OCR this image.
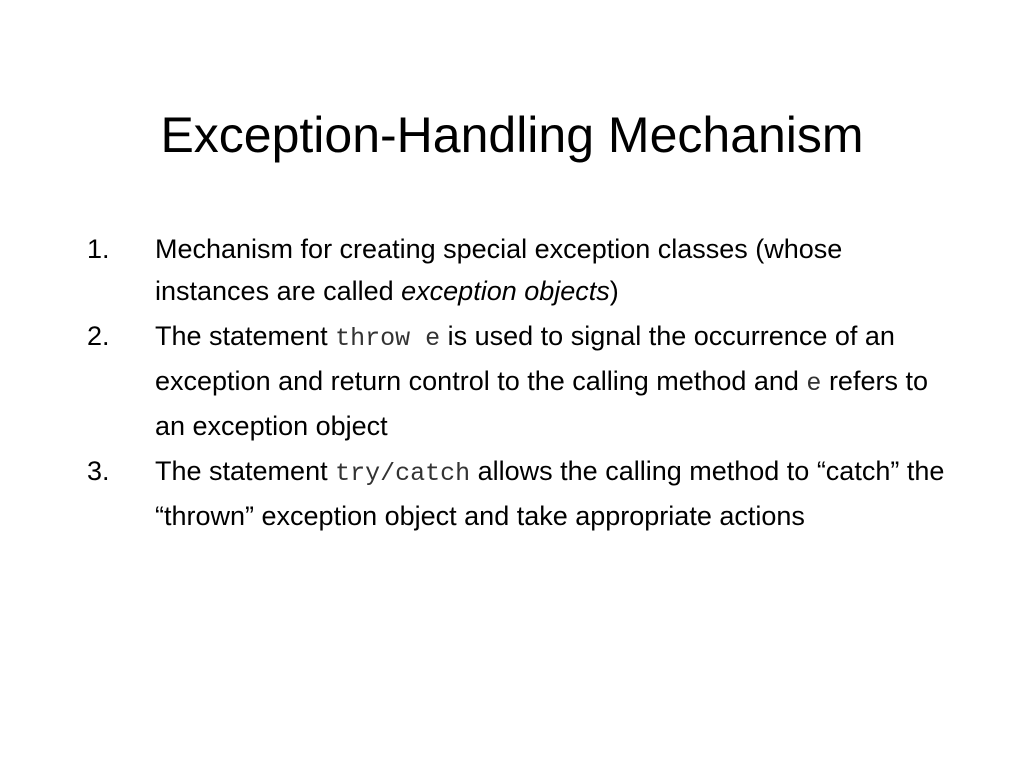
Exception-Handling Mechanism
1.	Mechanism for creating special exception classes (whose instances are called exception objects)
2.	The statement throw e is used to signal the occurrence of an exception and return control to the calling method and e refers to an exception object
3.	The statement try/catch allows the calling method to “catch” the “thrown” exception object and take appropriate actions
